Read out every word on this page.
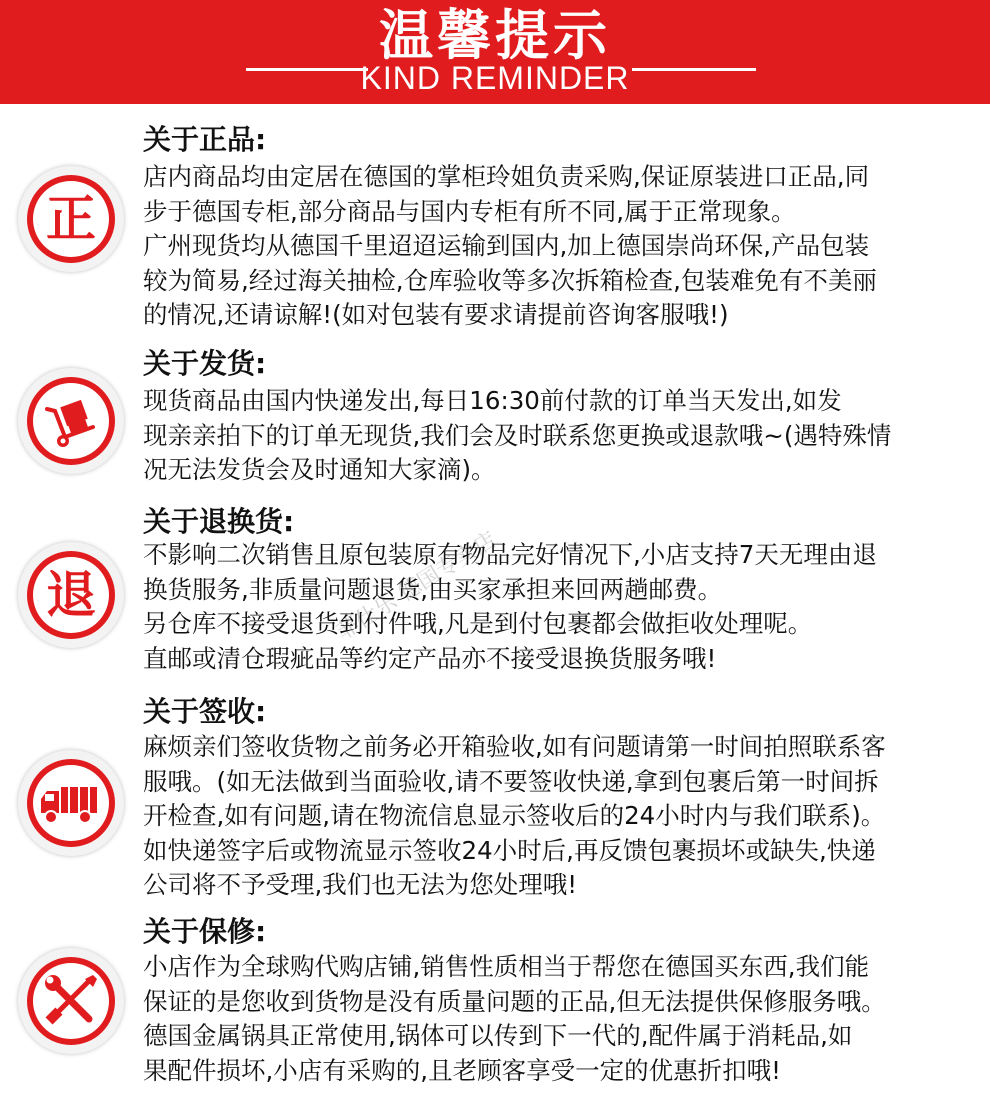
温馨提示
KIND REMINDER
正
关于正品:

店内商品均由定居在德国的掌柜玲姐负责采购,保证原装进口正品,同

步于德国专柜,部分商品与国内专柜有所不同,属于正常现象。

广州现货均从德国千里迢迢运输到国内,加上德国崇尚环保,产品包装

较为简易,经过海关抽检,仓库验收等多次拆箱检查,包装难免有不美丽

的情况,还请谅解!(如对包装有要求请提前咨询客服哦!)

关于发货:

现货商品由国内快递发出,每日16:30前付款的订单当天发出,如发

现亲亲拍下的订单无现货,我们会及时联系您更换或退款哦~(遇特殊情

况无法发货会及时通知大家滴)。

退
关于退换货:

不影响二次销售且原包装原有物品完好情况下,小店支持7天无理由退

换货服务,非质量问题退货,由买家承担来回两趟邮费。

另仓库不接受退货到付件哦,凡是到付包裹都会做拒收处理呢。

直邮或清仓瑕疵品等约定产品亦不接受退换货服务哦!

关于签收:

麻烦亲们签收货物之前务必开箱验收,如有问题请第一时间拍照联系客

服哦。(如无法做到当面验收,请不要签收快递,拿到包裹后第一时间拆

开检查,如有问题,请在物流信息显示签收后的24小时内与我们联系)。

如快递签字后或物流显示签收24小时后,再反馈包裹损坏或缺失,快递

公司将不予受理,我们也无法为您处理哦!

关于保修:

小店作为全球购代购店铺,销售性质相当于帮您在德国买东西,我们能

保证的是您收到货物是没有质量问题的正品,但无法提供保修服务哦。

德国金属锅具正常使用,锅体可以传到下一代的,配件属于消耗品,如

果配件损坏,小店有采购的,且老顾客享受一定的优惠折扣哦!

菲仕乐 德国专卖店
